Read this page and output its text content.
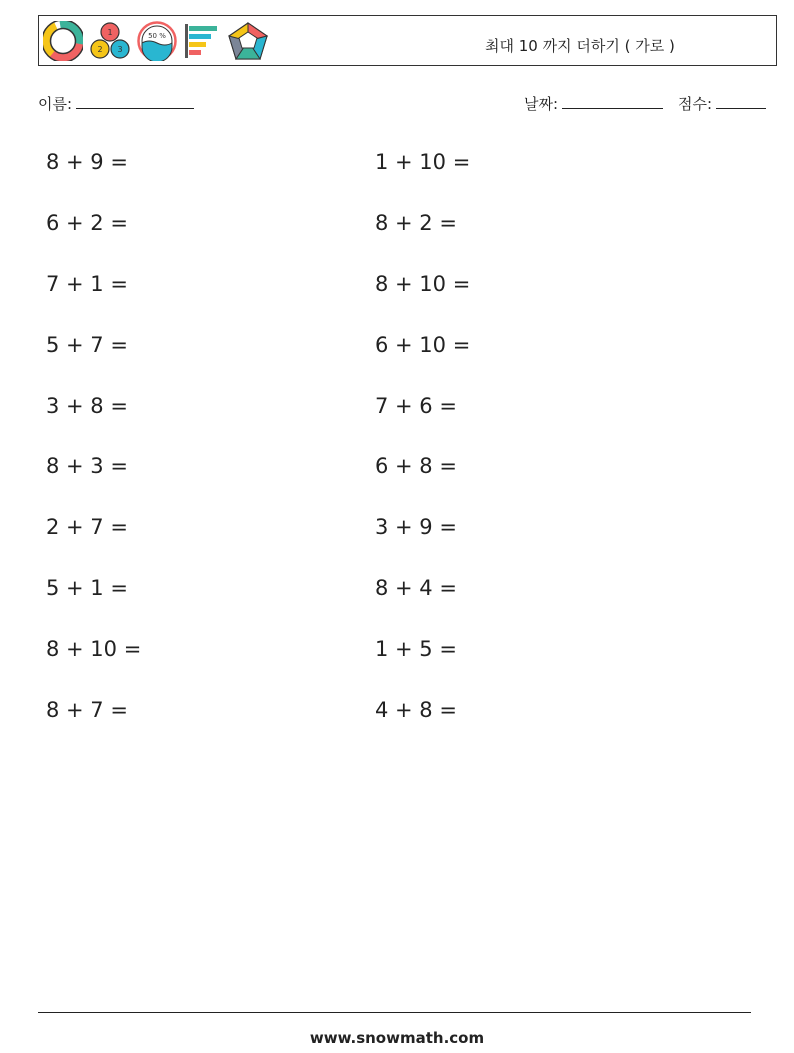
1
2 3
50 %
최대 10 까지 더하기 ( 가로 )
이름:	날짜:	점수:
8 + 9 =	1 + 10 =
6 + 2 =	8 + 2 =
7 + 1 =	8 + 10 =
5 + 7 =	6 + 10 =
3 + 8 =	7 + 6 =
8 + 3 =	6 + 8 =
2 + 7 =	3 + 9 =
5 + 1 =	8 + 4 =
8 + 10 =	1 + 5 =
8 + 7 =	4 + 8 =
www.snowmath.com
